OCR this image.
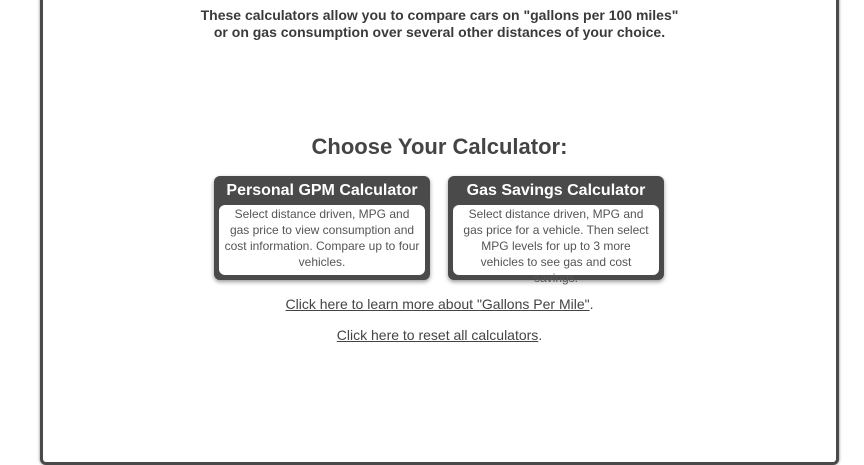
These calculators allow you to compare cars on "gallons per 100 miles"
or on gas consumption over several other distances of your choice.
Choose Your Calculator:
Personal GPM Calculator
Select distance driven, MPG and gas price to view consumption and cost information. Compare up to four vehicles.
Gas Savings Calculator
Select distance driven, MPG and gas price for a vehicle. Then select MPG levels for up to 3 more vehicles to see gas and cost savings.
Click here to learn more about "Gallons Per Mile".
Click here to reset all calculators.
